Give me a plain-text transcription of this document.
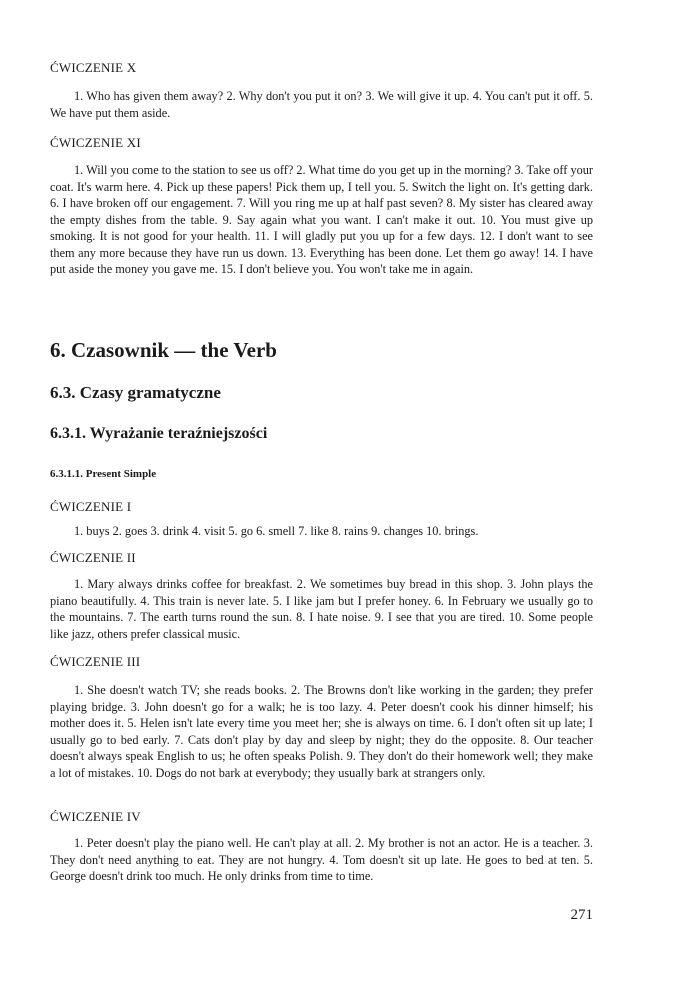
ĆWICZENIE X

1. Who has given them away? 2. Why don't you put it on? 3. We will give it up. 4. You can't put it off. 5. We have put them aside.

ĆWICZENIE XI

1. Will you come to the station to see us off? 2. What time do you get up in the morning? 3. Take off your coat. It's warm here. 4. Pick up these papers! Pick them up, I tell you. 5. Switch the light on. It's getting dark. 6. I have broken off our engagement. 7. Will you ring me up at half past seven? 8. My sister has cleared away the empty dishes from the table. 9. Say again what you want. I can't make it out. 10. You must give up smoking. It is not good for your health. 11. I will gladly put you up for a few days. 12. I don't want to see them any more because they have run us down. 13. Everything has been done. Let them go away! 14. I have put aside the money you gave me. 15. I don't believe you. You won't take me in again.

6. Czasownik — the Verb
6.3. Czasy gramatyczne
6.3.1. Wyrażanie teraźniejszości
6.3.1.1. Present Simple
ĆWICZENIE I

1. buys 2. goes 3. drink 4. visit 5. go 6. smell 7. like 8. rains 9. changes 10. brings.

ĆWICZENIE II

1. Mary always drinks coffee for breakfast. 2. We sometimes buy bread in this shop. 3. John plays the piano beautifully. 4. This train is never late. 5. I like jam but I prefer honey. 6. In February we usually go to the mountains. 7. The earth turns round the sun. 8. I hate noise. 9. I see that you are tired. 10. Some people like jazz, others prefer classical music.

ĆWICZENIE III

1. She doesn't watch TV; she reads books. 2. The Browns don't like working in the garden; they prefer playing bridge. 3. John doesn't go for a walk; he is too lazy. 4. Peter doesn't cook his dinner himself; his mother does it. 5. Helen isn't late every time you meet her; she is always on time. 6. I don't often sit up late; I usually go to bed early. 7. Cats don't play by day and sleep by night; they do the opposite. 8. Our teacher doesn't always speak English to us; he often speaks Polish. 9. They don't do their homework well; they make a lot of mistakes. 10. Dogs do not bark at everybody; they usually bark at strangers only.

ĆWICZENIE IV

1. Peter doesn't play the piano well. He can't play at all. 2. My brother is not an actor. He is a teacher. 3. They don't need anything to eat. They are not hungry. 4. Tom doesn't sit up late. He goes to bed at ten. 5. George doesn't drink too much. He only drinks from time to time.

271
